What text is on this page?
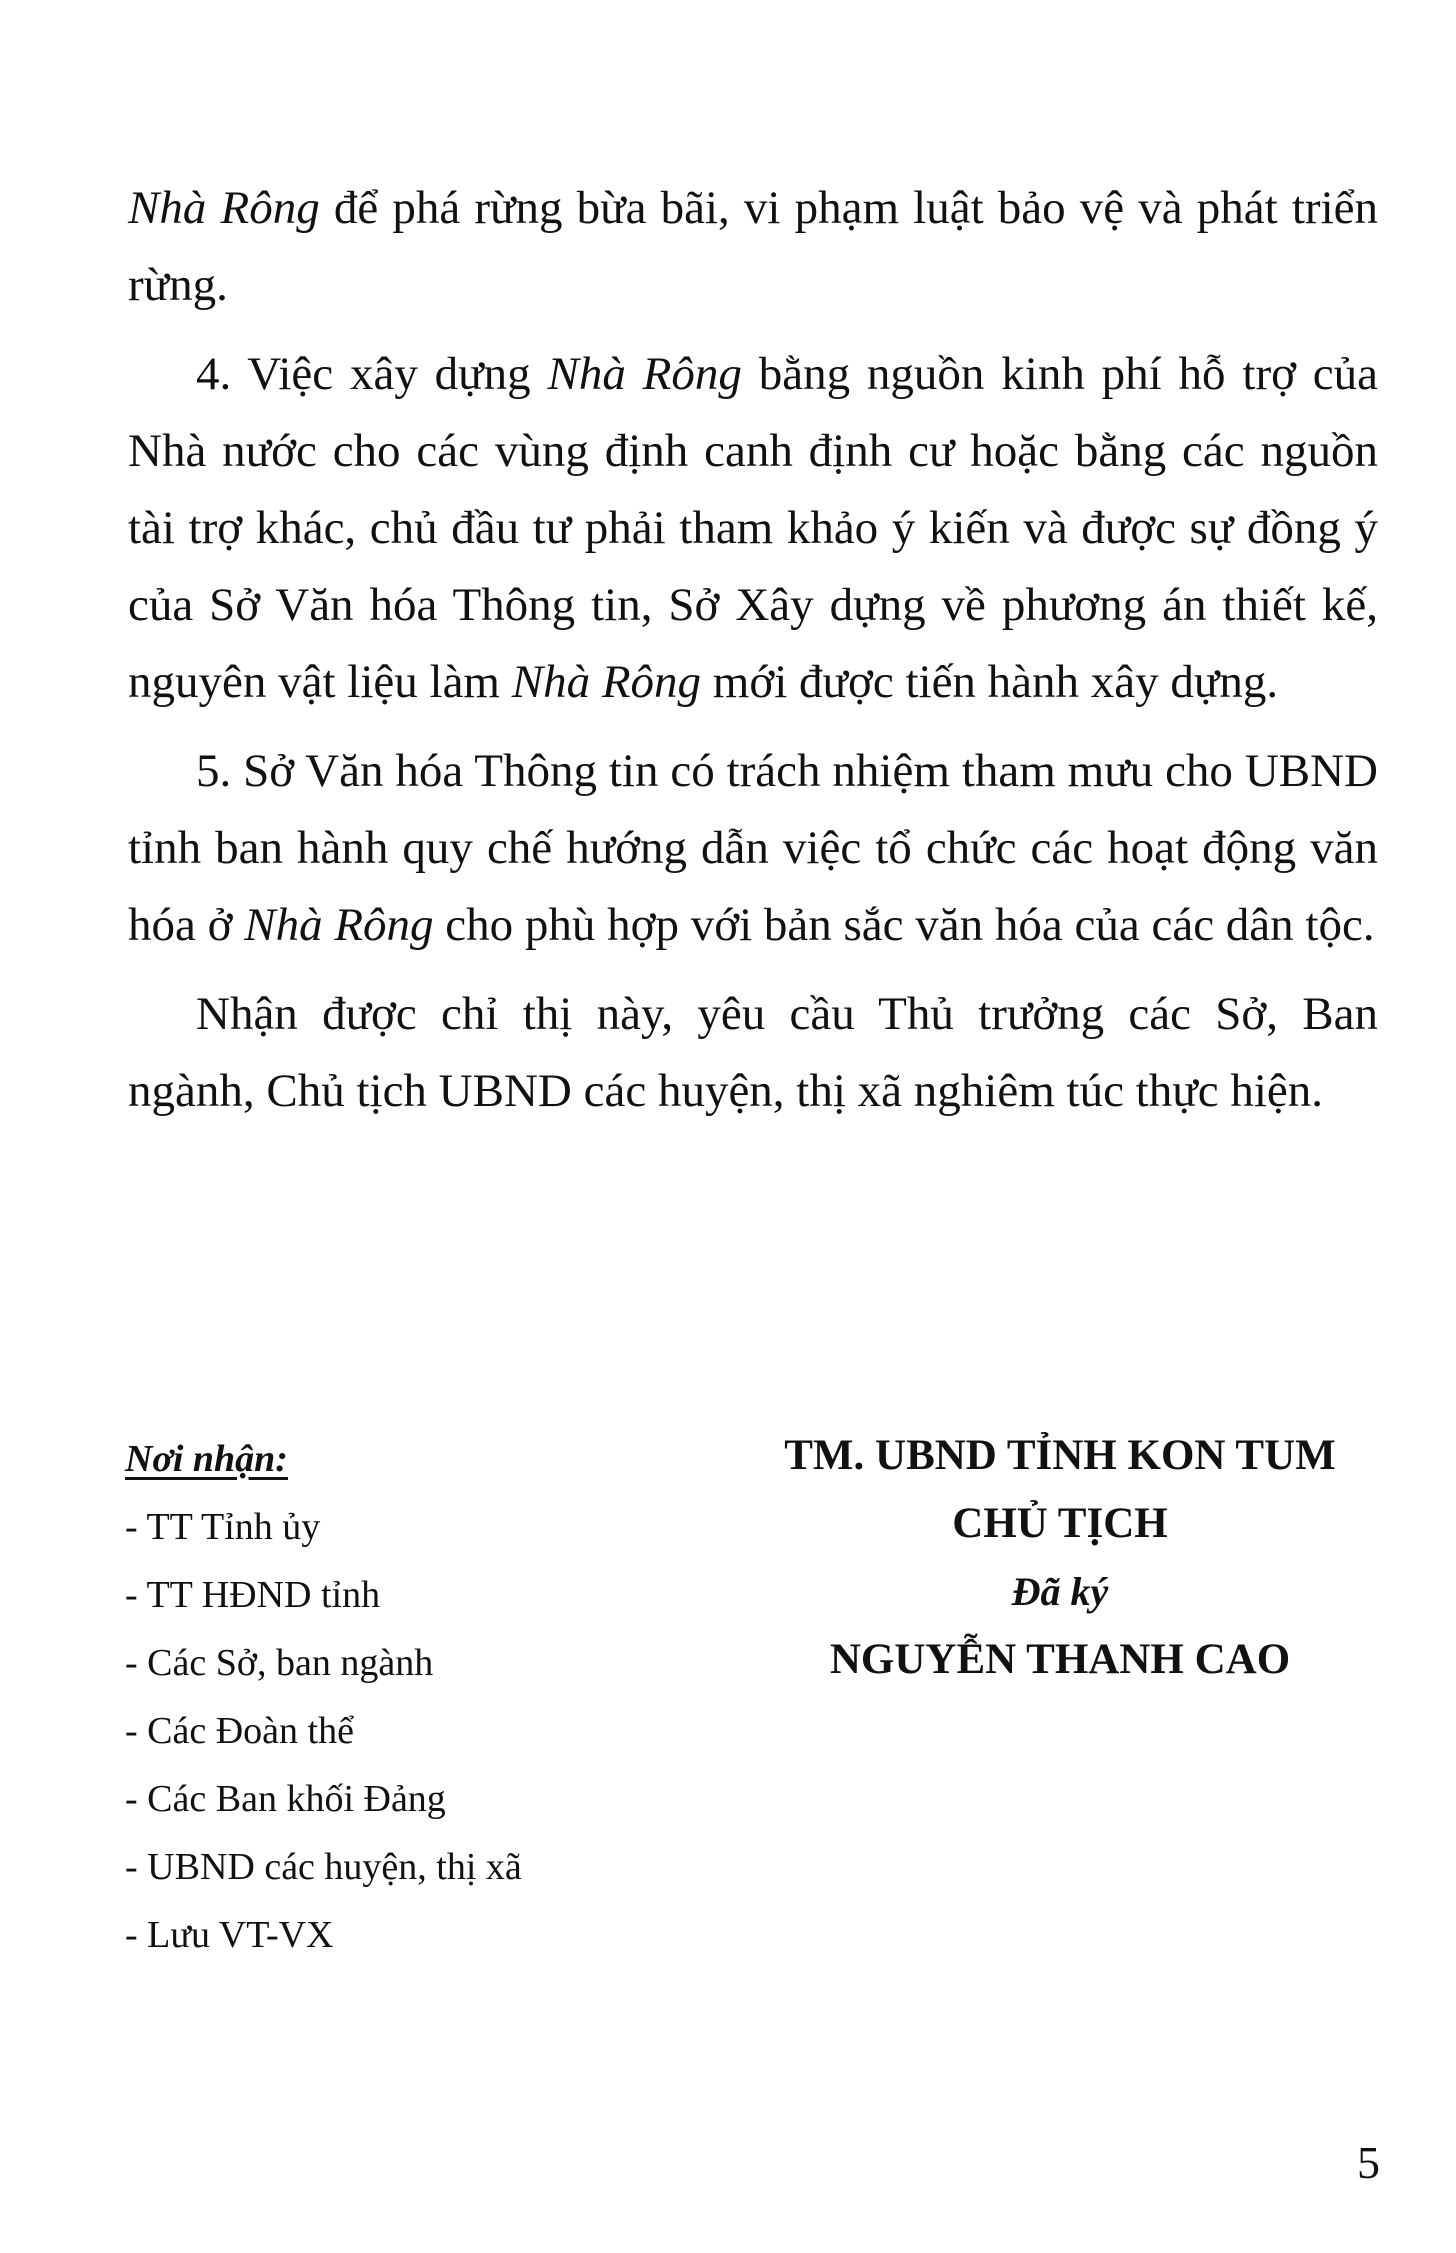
Nhà Rông để phá rừng bừa bãi, vi phạm luật bảo vệ và phát triển rừng.

4. Việc xây dựng Nhà Rông bằng nguồn kinh phí hỗ trợ của Nhà nước cho các vùng định canh định cư hoặc bằng các nguồn tài trợ khác, chủ đầu tư phải tham khảo ý kiến và được sự đồng ý của Sở Văn hóa Thông tin, Sở Xây dựng về phương án thiết kế, nguyên vật liệu làm Nhà Rông mới được tiến hành xây dựng.

5. Sở Văn hóa Thông tin có trách nhiệm tham mưu cho UBND tỉnh ban hành quy chế hướng dẫn việc tổ chức các hoạt động văn hóa ở Nhà Rông cho phù hợp với bản sắc văn hóa của các dân tộc.

Nhận được chỉ thị này, yêu cầu Thủ trưởng các Sở, Ban ngành, Chủ tịch UBND các huyện, thị xã nghiêm túc thực hiện.

Nơi nhận:
- TT Tỉnh ủy
- TT HĐND tỉnh
- Các Sở, ban ngành
- Các Đoàn thể
- Các Ban khối Đảng
- UBND các huyện, thị xã
- Lưu VT-VX
TM. UBND TỈNH KON TUM
CHỦ TỊCH
Đã ký
NGUYỄN THANH CAO
5
